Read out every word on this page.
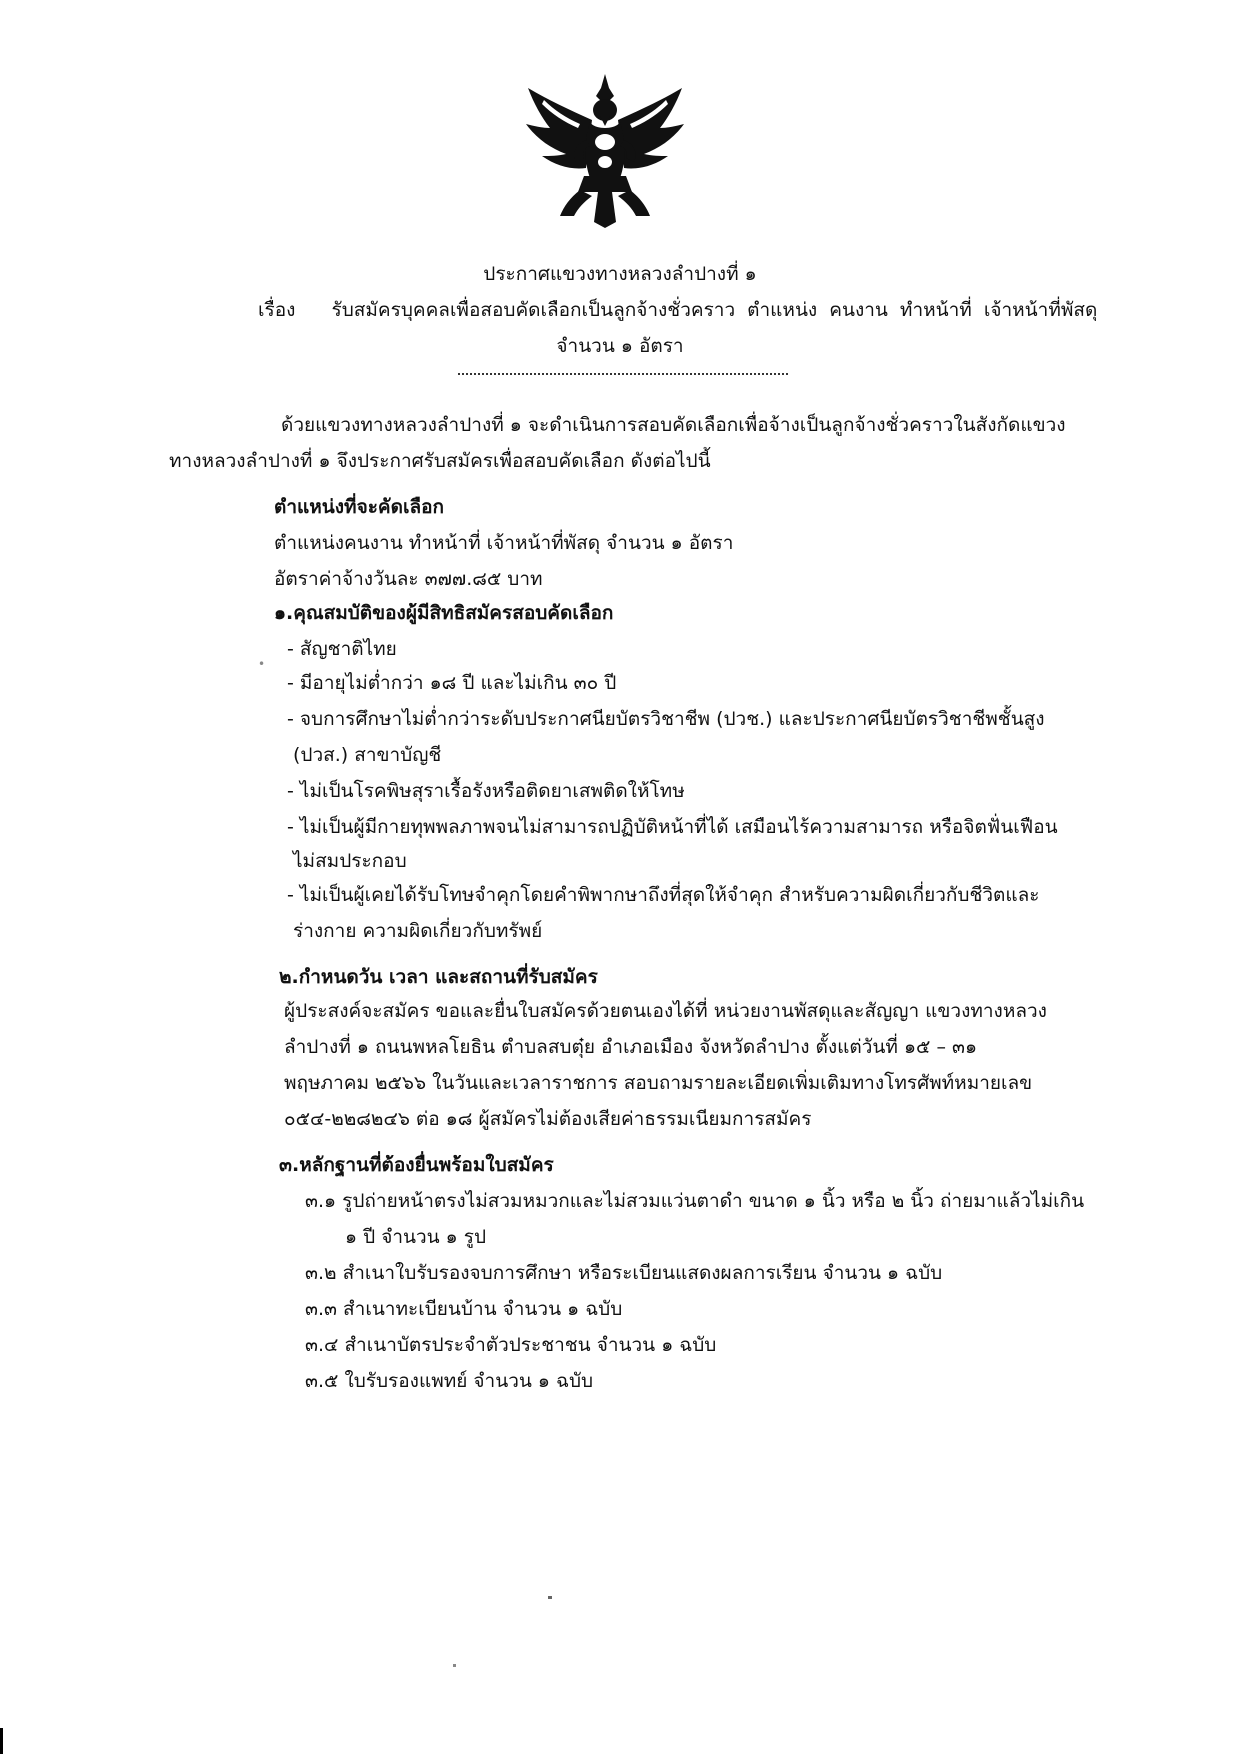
ประกาศแขวงทางหลวงลำปางที่ ๑
เรื่อง รับสมัครบุคคลเพื่อสอบคัดเลือกเป็นลูกจ้างชั่วคราว ตำแหน่ง คนงาน ทำหน้าที่ เจ้าหน้าที่พัสดุ
จำนวน ๑ อัตรา
ด้วยแขวงทางหลวงลำปางที่ ๑ จะดำเนินการสอบคัดเลือกเพื่อจ้างเป็นลูกจ้างชั่วคราวในสังกัดแขวง
ทางหลวงลำปางที่ ๑ จึงประกาศรับสมัครเพื่อสอบคัดเลือก ดังต่อไปนี้
ตำแหน่งที่จะคัดเลือก
ตำแหน่งคนงาน ทำหน้าที่ เจ้าหน้าที่พัสดุ จำนวน ๑ อัตรา
อัตราค่าจ้างวันละ ๓๗๗.๘๕ บาท
๑.คุณสมบัติของผู้มีสิทธิสมัครสอบคัดเลือก
- สัญชาติไทย
•
- มีอายุไม่ต่ำกว่า ๑๘ ปี และไม่เกิน ๓๐ ปี
- จบการศึกษาไม่ต่ำกว่าระดับประกาศนียบัตรวิชาชีพ (ปวช.) และประกาศนียบัตรวิชาชีพชั้นสูง
(ปวส.) สาขาบัญชี
- ไม่เป็นโรคพิษสุราเรื้อรังหรือติดยาเสพติดให้โทษ
- ไม่เป็นผู้มีกายทุพพลภาพจนไม่สามารถปฏิบัติหน้าที่ได้ เสมือนไร้ความสามารถ หรือจิตฟั่นเฟือน
ไม่สมประกอบ
- ไม่เป็นผู้เคยได้รับโทษจำคุกโดยคำพิพากษาถึงที่สุดให้จำคุก สำหรับความผิดเกี่ยวกับชีวิตและ
ร่างกาย ความผิดเกี่ยวกับทรัพย์
๒.กำหนดวัน เวลา และสถานที่รับสมัคร
ผู้ประสงค์จะสมัคร ขอและยื่นใบสมัครด้วยตนเองได้ที่ หน่วยงานพัสดุและสัญญา แขวงทางหลวง
ลำปางที่ ๑ ถนนพหลโยธิน ตำบลสบตุ๋ย อำเภอเมือง จังหวัดลำปาง ตั้งแต่วันที่ ๑๕ – ๓๑
พฤษภาคม ๒๕๖๖ ในวันและเวลาราชการ สอบถามรายละเอียดเพิ่มเติมทางโทรศัพท์หมายเลข
๐๕๔-๒๒๘๒๔๖ ต่อ ๑๘ ผู้สมัครไม่ต้องเสียค่าธรรมเนียมการสมัคร
๓.หลักฐานที่ต้องยื่นพร้อมใบสมัคร
๓.๑ รูปถ่ายหน้าตรงไม่สวมหมวกและไม่สวมแว่นตาดำ ขนาด ๑ นิ้ว หรือ ๒ นิ้ว ถ่ายมาแล้วไม่เกิน
๑ ปี จำนวน ๑ รูป
๓.๒ สำเนาใบรับรองจบการศึกษา หรือระเบียนแสดงผลการเรียน จำนวน ๑ ฉบับ
๓.๓ สำเนาทะเบียนบ้าน จำนวน ๑ ฉบับ
๓.๔ สำเนาบัตรประจำตัวประชาชน จำนวน ๑ ฉบับ
๓.๕ ใบรับรองแพทย์ จำนวน ๑ ฉบับ
